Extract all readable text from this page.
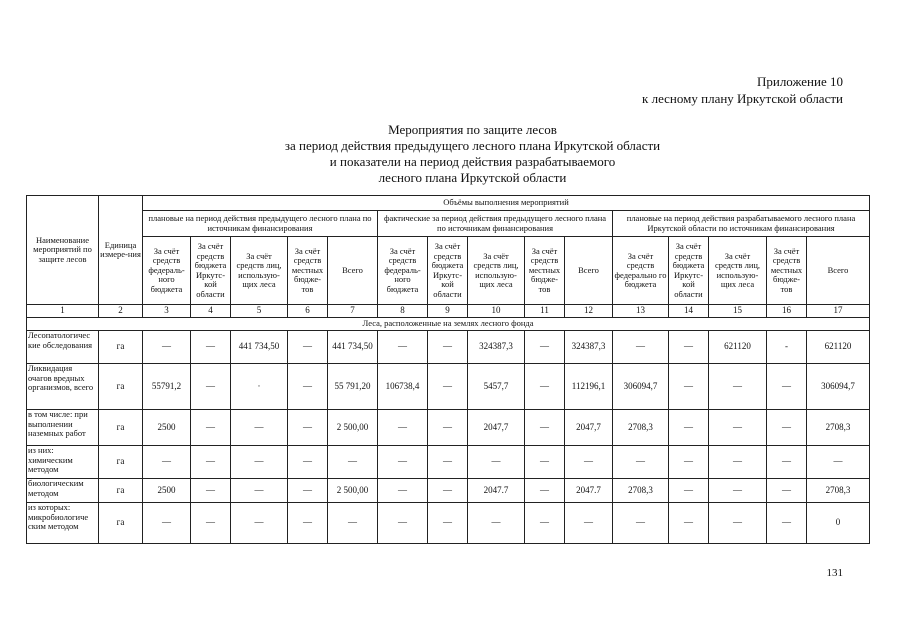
Приложение 10
к лесному плану Иркутской области
Мероприятия по защите лесов
за период действия предыдущего лесного плана Иркутской области
и показатели на период действия разрабатываемого
лесного плана Иркутской области
Наименование мероприятий по защите лесов	Единица измере-ния	Объёмы выполнения мероприятий														
		плановые на период действия предыдущего лесного плана по источникам финансирования					фактические за период действия предыдущего лесного плана по источникам финансирования					плановые на период действия разрабатываемого лесного плана Иркутской области по источникам финансирования				
		За счёт средств федераль-ного бюджета	За счёт средств бюджета Иркутс-кой области	За счёт средств лиц, использую-щих леса	За счёт средств местных бюдже-тов	Всего	За счёт средств федераль-ного бюджета	За счёт средств бюджета Иркутс-кой области	За счёт средств лиц, использую-щих леса	За счёт средств местных бюдже-тов	Всего	За счёт средств федерально го бюджета	За счёт средств бюджета Иркутс-кой области	За счёт средств лиц, использую-щих леса	За счёт средств местных бюдже-тов	Всего
1	2	3	4	5	6	7	8	9	10	11	12	13	14	15	16	17
Леса, расположенные на землях лесного фонда																
Лесопатологичес кие обследования	га	—	—	441 734,50	—	441 734,50	—	—	324387,3	—	324387,3	—	—	621120	-	621120
Ликвидация очагов вредных организмов, всего	га	55791,2	—	·	—	55 791,20	106738,4	—	5457,7	—	112196,1	306094,7	—	—	—	306094,7
в том числе: при выполнении наземных работ	га	2500	—	—	—	2 500,00	—	—	2047,7	—	2047,7	2708,3	—	—	—	2708,3
из них: химическим методом	га	—	—	—	—	—	—	—	—	—	—	—	—	—	—	—
биологическим методом	га	2500	—	—	—	2 500,00	—	—	2047.7	—	2047.7	2708,3	—	—	—	2708,3
из которых: микробиологиче ским методом	га	—	—	—	—	—	—	—	—	—	—	—	—	—	—	0
131
